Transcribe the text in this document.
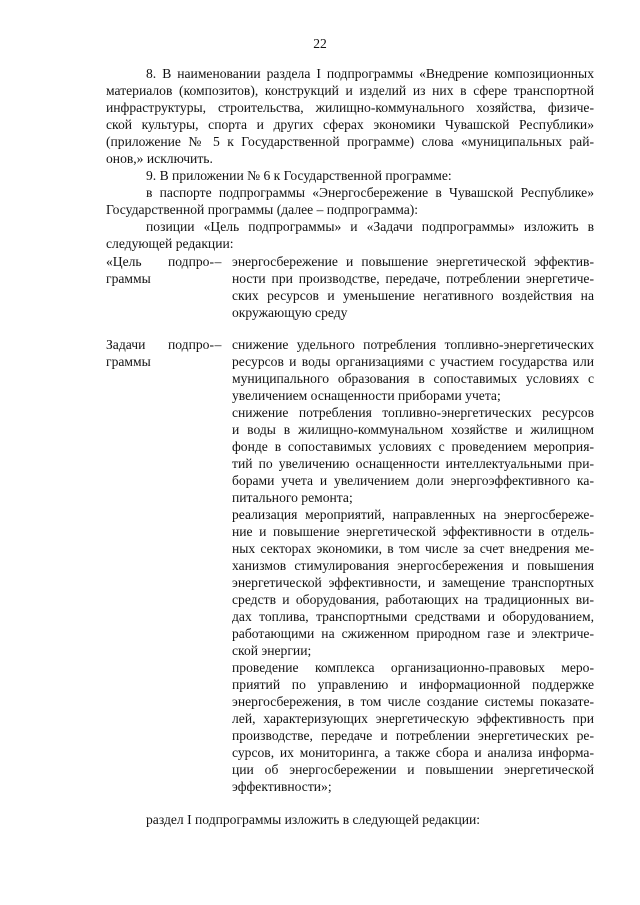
22
8. В наименовании раздела I подпрограммы «Внедрение композиционных
материалов (композитов), конструкций и изделий из них в сфере транспортной
инфраструктуры, строительства, жилищно-коммунального хозяйства, физиче-
ской культуры, спорта и других сферах экономики Чувашской Республики»
(приложение № 5 к Государственной программе) слова «муниципальных рай-
онов,» исключить.
9. В приложении № 6 к Государственной программе:
в паспорте подпрограммы «Энергосбережение в Чувашской Республике»
Государственной программы (далее – подпрограмма):
позиции «Цель подпрограммы» и «Задачи подпрограммы» изложить в
следующей редакции:
«Цель подпро-
граммы
– энергосбережение и повышение энергетической эффектив-
ности при производстве, передаче, потреблении энергетиче-
ских ресурсов и уменьшение негативного воздействия на
окружающую среду
Задачи подпро-
граммы
– снижение удельного потребления топливно-энергетических
ресурсов и воды организациями с участием государства или
муниципального образования в сопоставимых условиях с
увеличением оснащенности приборами учета;
снижение потребления топливно-энергетических ресурсов
и воды в жилищно-коммунальном хозяйстве и жилищном
фонде в сопоставимых условиях с проведением мероприя-
тий по увеличению оснащенности интеллектуальными при-
борами учета и увеличением доли энергоэффективного ка-
питального ремонта;
реализация мероприятий, направленных на энергосбереже-
ние и повышение энергетической эффективности в отдель-
ных секторах экономики, в том числе за счет внедрения ме-
ханизмов стимулирования энергосбережения и повышения
энергетической эффективности, и замещение транспортных
средств и оборудования, работающих на традиционных ви-
дах топлива, транспортными средствами и оборудованием,
работающими на сжиженном природном газе и электриче-
ской энергии;
проведение комплекса организационно-правовых меро-
приятий по управлению и информационной поддержке
энергосбережения, в том числе создание системы показате-
лей, характеризующих энергетическую эффективность при
производстве, передаче и потреблении энергетических ре-
сурсов, их мониторинга, а также сбора и анализа информа-
ции об энергосбережении и повышении энергетической
эффективности»;
раздел I подпрограммы изложить в следующей редакции:
